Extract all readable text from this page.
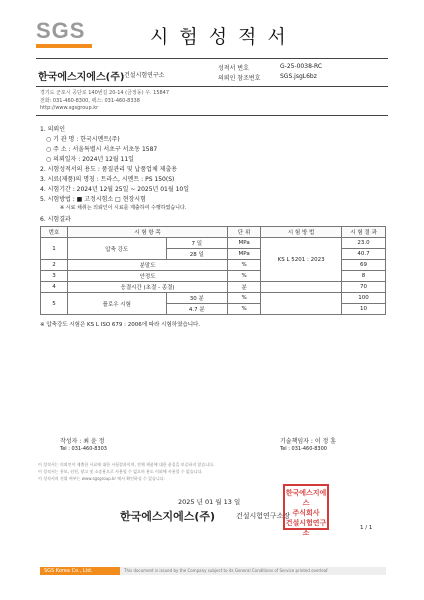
SGS	시험성적서
한국에스지에스(주) 건설시험연구소
성적서 번호	G-25-0038-RC
의뢰인 참조번호	SGS.jsgL6bz
경기도 군포시 공단로 140번길 20-14 (금정동) 우. 15847
전화: 031-460-8300, 팩스: 031-460-8338
http://www.sgsgroup.kr
1. 의뢰인
○ 기 관 명 : 한국시멘트(주)
○ 주 소 : 서울특별시 서초구 서초동 1587
○ 의뢰일자 : 2024년 12월 11일
2. 시험성적서의 용도 : 품질관리 및 납품업체 제출용
3. 시료(제품)의 명칭 : 트라스, 시멘트 : PS 150(S)
4. 시험기간 : 2024년 12월 25일 ~ 2025년 01월 10일
5. 시험방법 : ■ 고정시험소 □ 현장시험
※ 시료 채취는 의뢰인이 시료를 제출하여 수행하였습니다.
6. 시험결과
번호	시 험 항 목		단 위	시 험 방 법	시 험 결 과
1	압축 강도	7 일	MPa	KS L 5201 : 2023	23.0
		28 일	MPa		40.7
2	분말도		%		69
3	안정도		%		8
4	응결시간 (초결 - 종결)		분		70
5	플로우 시험	30 분	%		100
		4.7 분	%		10
※ 압축강도 시험은 KS L ISO 679 : 2006에 따라 시험하였습니다.
작성자 : 최 윤 정
Tel : 031-460-8303
기술책임자 : 이 정 훈
Tel : 031-460-8300
이 성적서는 의뢰인이 제출한 시료에 대한 시험결과이며, 전체 제품에 대한 품질을 보증하지 않습니다.
이 성적서는 홍보, 선전, 광고 및 소송용으로 사용될 수 없으며 용도 이외에 사용할 수 없습니다.
이 성적서의 진위 여부는 www.sgsgroup.kr 에서 확인하실 수 있습니다.
2025 년 01 월 13 일
한국에스지에스(주)	건설시험연구소장
한국에스지에스
주식회사
건설시험연구소
1 / 1
SGS Korea Co., Ltd.	This document is issued by the Company subject to its General Conditions of Service printed overleaf.
